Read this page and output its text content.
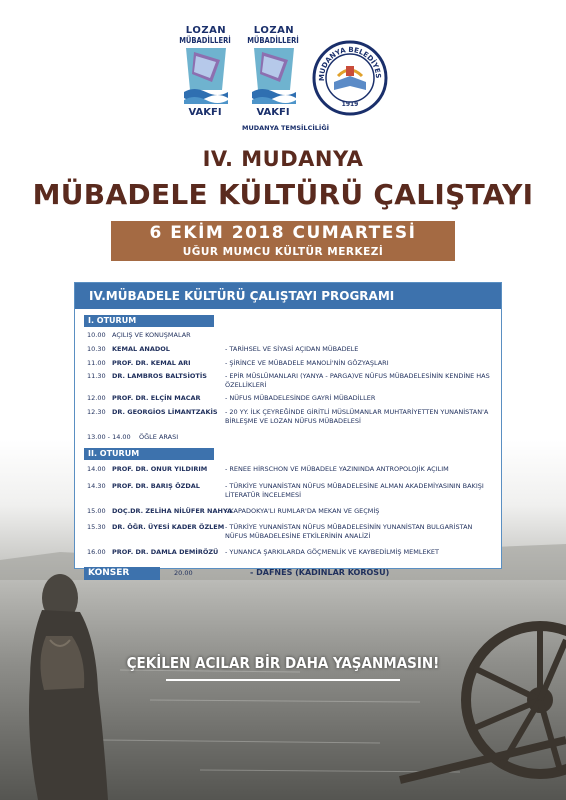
LOZAN
MÜBADİLLERİ
VAKFI
LOZAN
MÜBADİLLERİ
VAKFI
MUDANYA TEMSİLCİLİĞİ
MUDANYA BELEDİYES
1919
IV. MUDANYA
MÜBADELE KÜLTÜRÜ ÇALIŞTAYI
6 EKİM 2018 CUMARTESİ
UĞUR MUMCU KÜLTÜR MERKEZİ
IV.MÜBADELE KÜLTÜRÜ ÇALIŞTAYI PROGRAMI
I. OTURUM
10.00 AÇILIŞ VE KONUŞMALAR
10.30 KEMAL ANADOL	- TARİHSEL VE SİYASİ AÇIDAN MÜBADELE
11.00 PROF. DR. KEMAL ARI	- ŞİRİNCE VE MÜBADELE MANOLİ'NİN GÖZYAŞLARI
11.30 DR. LAMBROS BALTSİOTİS	- EPİR MÜSLÜMANLARI (YANYA - PARGA)VE NÜFUS MÜBADELESİNİN KENDİNE HAS ÖZELLİKLERİ
12.00 PROF. DR. ELÇİN MACAR	- NÜFUS MÜBADELESİNDE GAYRİ MÜBADİLLER
12.30 DR. GEORGİOS LİMANTZAKİS - 20 YY. İLK ÇEYREĞİNDE GİRİTLİ MÜSLÜMANLAR MUHTARİYETTEN YUNANİSTAN'A BİRLEŞME VE LOZAN NÜFUS MÜBADELESİ
13.00 - 14.00 ÖĞLE ARASI
II. OTURUM
14.00 PROF. DR. ONUR YILDIRIM	- RENEE HİRSCHON VE MÜBADELE YAZININDA ANTROPOLOJİK AÇILIM
14.30 PROF. DR. BARIŞ ÖZDAL	- TÜRKİYE YUNANİSTAN NÜFUS MÜBADELESİNE ALMAN AKADEMİYASININ BAKIŞI LİTERATÜR İNCELEMESİ
15.00 DOÇ.DR. ZELİHA NİLÜFER NAHYA
- KAPADOKYA'LI RUMLAR'DA MEKAN VE GEÇMİŞ
15.30 DR. ÖĞR. ÜYESİ KADER ÖZLEM - TÜRKİYE YUNANİSTAN NÜFUS MÜBADELESİNİN YUNANİSTAN BULGARİSTAN NÜFUS MÜBADELESİNE ETKİLERİNİN ANALİZİ
16.00 PROF. DR. DAMLA DEMİRÖZÜ - YUNANCA ŞARKILARDA GÖÇMENLİK VE KAYBEDİLMİŞ MEMLEKET
KONSER	20.00	- DAFNES (KADINLAR KOROSU)
ÇEKİLEN ACILAR BİR DAHA YAŞANMASIN!
